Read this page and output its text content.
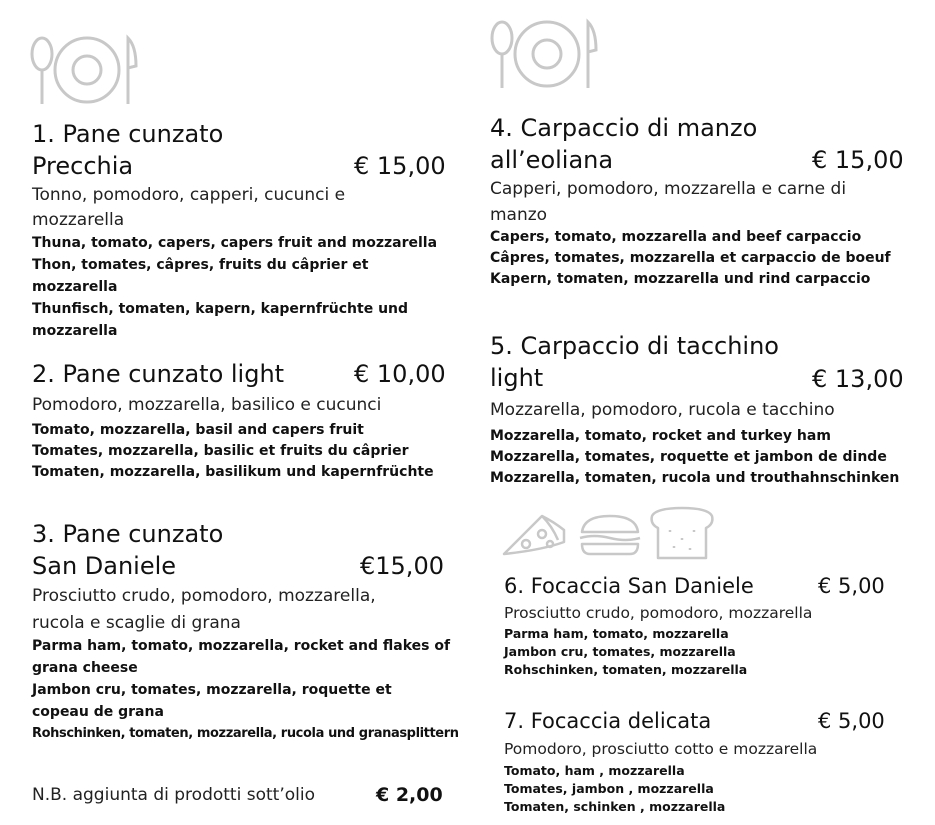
1. Pane cunzato
Precchia
Tonno, pomodoro, capperi, cucunci e
mozzarella
Thuna, tomato, capers, capers fruit and mozzarella
Thon, tomates, câpres, fruits du câprier et mozzarella
Thunfisch, tomaten, kapern, kapernfrüchte und
mozzarella
€ 15,00
2. Pane cunzato light
Pomodoro, mozzarella, basilico e cucunci
Tomato, mozzarella, basil and capers fruit
Tomates, mozzarella, basilic et fruits du câprier
Tomaten, mozzarella, basilikum und kapernfrüchte
€ 10,00
3. Pane cunzato
San Daniele
Prosciutto crudo, pomodoro, mozzarella,
rucola e scaglie di grana
Parma ham, tomato, mozzarella, rocket and flakes of
grana cheese
Jambon cru, tomates, mozzarella, roquette et
copeau de grana
Rohschinken, tomaten, mozzarella, rucola und granasplittern
€15,00
N.B. aggiunta di prodotti sott’olio	€ 2,00
4. Carpaccio di manzo
all’eoliana
Capperi, pomodoro, mozzarella e carne di
manzo
Capers, tomato, mozzarella and beef carpaccio
Câpres, tomates, mozzarella et carpaccio de boeuf
Kapern, tomaten, mozzarella und rind carpaccio
€ 15,00
5. Carpaccio di tacchino
light
Mozzarella, pomodoro, rucola e tacchino
Mozzarella, tomato, rocket and turkey ham
Mozzarella, tomates, roquette et jambon de dinde
Mozzarella, tomaten, rucola und trouthahnschinken
€ 13,00
6. Focaccia San Daniele
Prosciutto crudo, pomodoro, mozzarella
Parma ham, tomato, mozzarella
Jambon cru, tomates, mozzarella
Rohschinken, tomaten, mozzarella
€ 5,00
7. Focaccia delicata
Pomodoro, prosciutto cotto e mozzarella
Tomato, ham , mozzarella
Tomates, jambon , mozzarella
Tomaten, schinken , mozzarella
€ 5,00
